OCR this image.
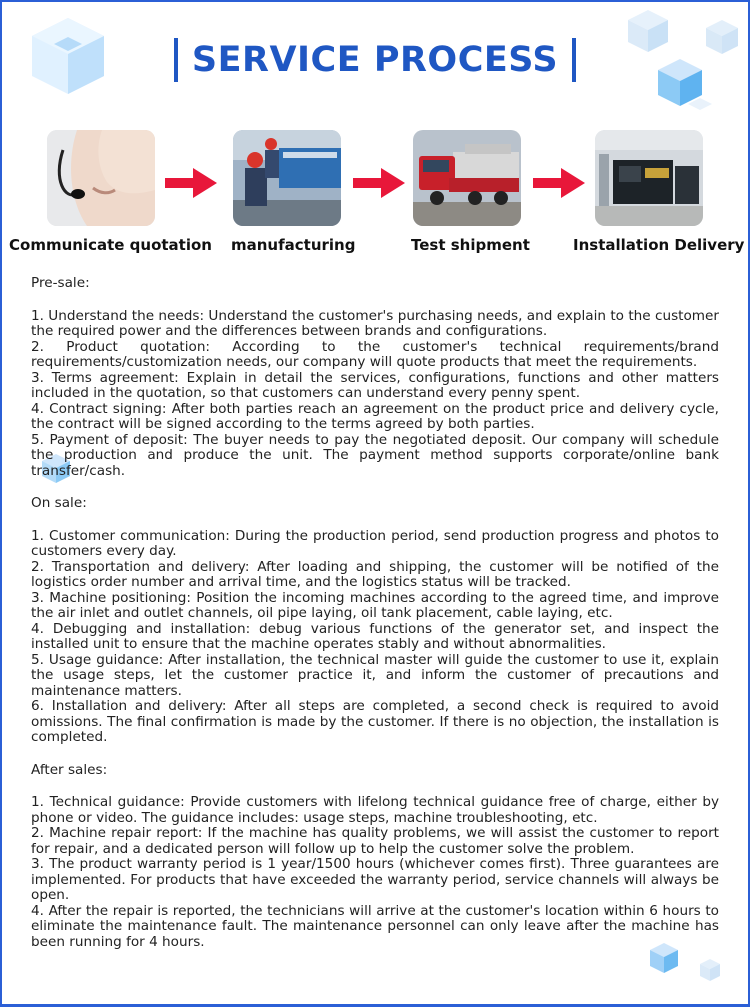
SERVICE PROCESS
Communicate quotation manufacturing	Test shipment	Installation Delivery
Pre-sale:
1. Understand the needs: Understand the customer's purchasing needs, and explain to the customer the required power and the differences between brands and configurations.
2. Product quotation: According to the customer's technical requirements/brand requirements/customization needs, our company will quote products that meet the requirements.
3. Terms agreement: Explain in detail the services, configurations, functions and other matters included in the quotation, so that customers can understand every penny spent.
4. Contract signing: After both parties reach an agreement on the product price and delivery cycle, the contract will be signed according to the terms agreed by both parties.
5. Payment of deposit: The buyer needs to pay the negotiated deposit. Our company will schedule the production and produce the unit. The payment method supports corporate/online bank transfer/cash.
On sale:
1. Customer communication: During the production period, send production progress and photos to customers every day.
2. Transportation and delivery: After loading and shipping, the customer will be notified of the logistics order number and arrival time, and the logistics status will be tracked.
3. Machine positioning: Position the incoming machines according to the agreed time, and improve the air inlet and outlet channels, oil pipe laying, oil tank placement, cable laying, etc.
4. Debugging and installation: debug various functions of the generator set, and inspect the installed unit to ensure that the machine operates stably and without abnormalities.
5. Usage guidance: After installation, the technical master will guide the customer to use it, explain the usage steps, let the customer practice it, and inform the customer of precautions and maintenance matters.
6. Installation and delivery: After all steps are completed, a second check is required to avoid omissions. The final confirmation is made by the customer. If there is no objection, the installation is completed.
After sales:
1. Technical guidance: Provide customers with lifelong technical guidance free of charge, either by phone or video. The guidance includes: usage steps, machine troubleshooting, etc.
2. Machine repair report: If the machine has quality problems, we will assist the customer to report for repair, and a dedicated person will follow up to help the customer solve the problem.
3. The product warranty period is 1 year/1500 hours (whichever comes first). Three guarantees are implemented. For products that have exceeded the warranty period, service channels will always be open.
4. After the repair is reported, the technicians will arrive at the customer's location within 6 hours to eliminate the maintenance fault. The maintenance personnel can only leave after the machine has been running for 4 hours.
